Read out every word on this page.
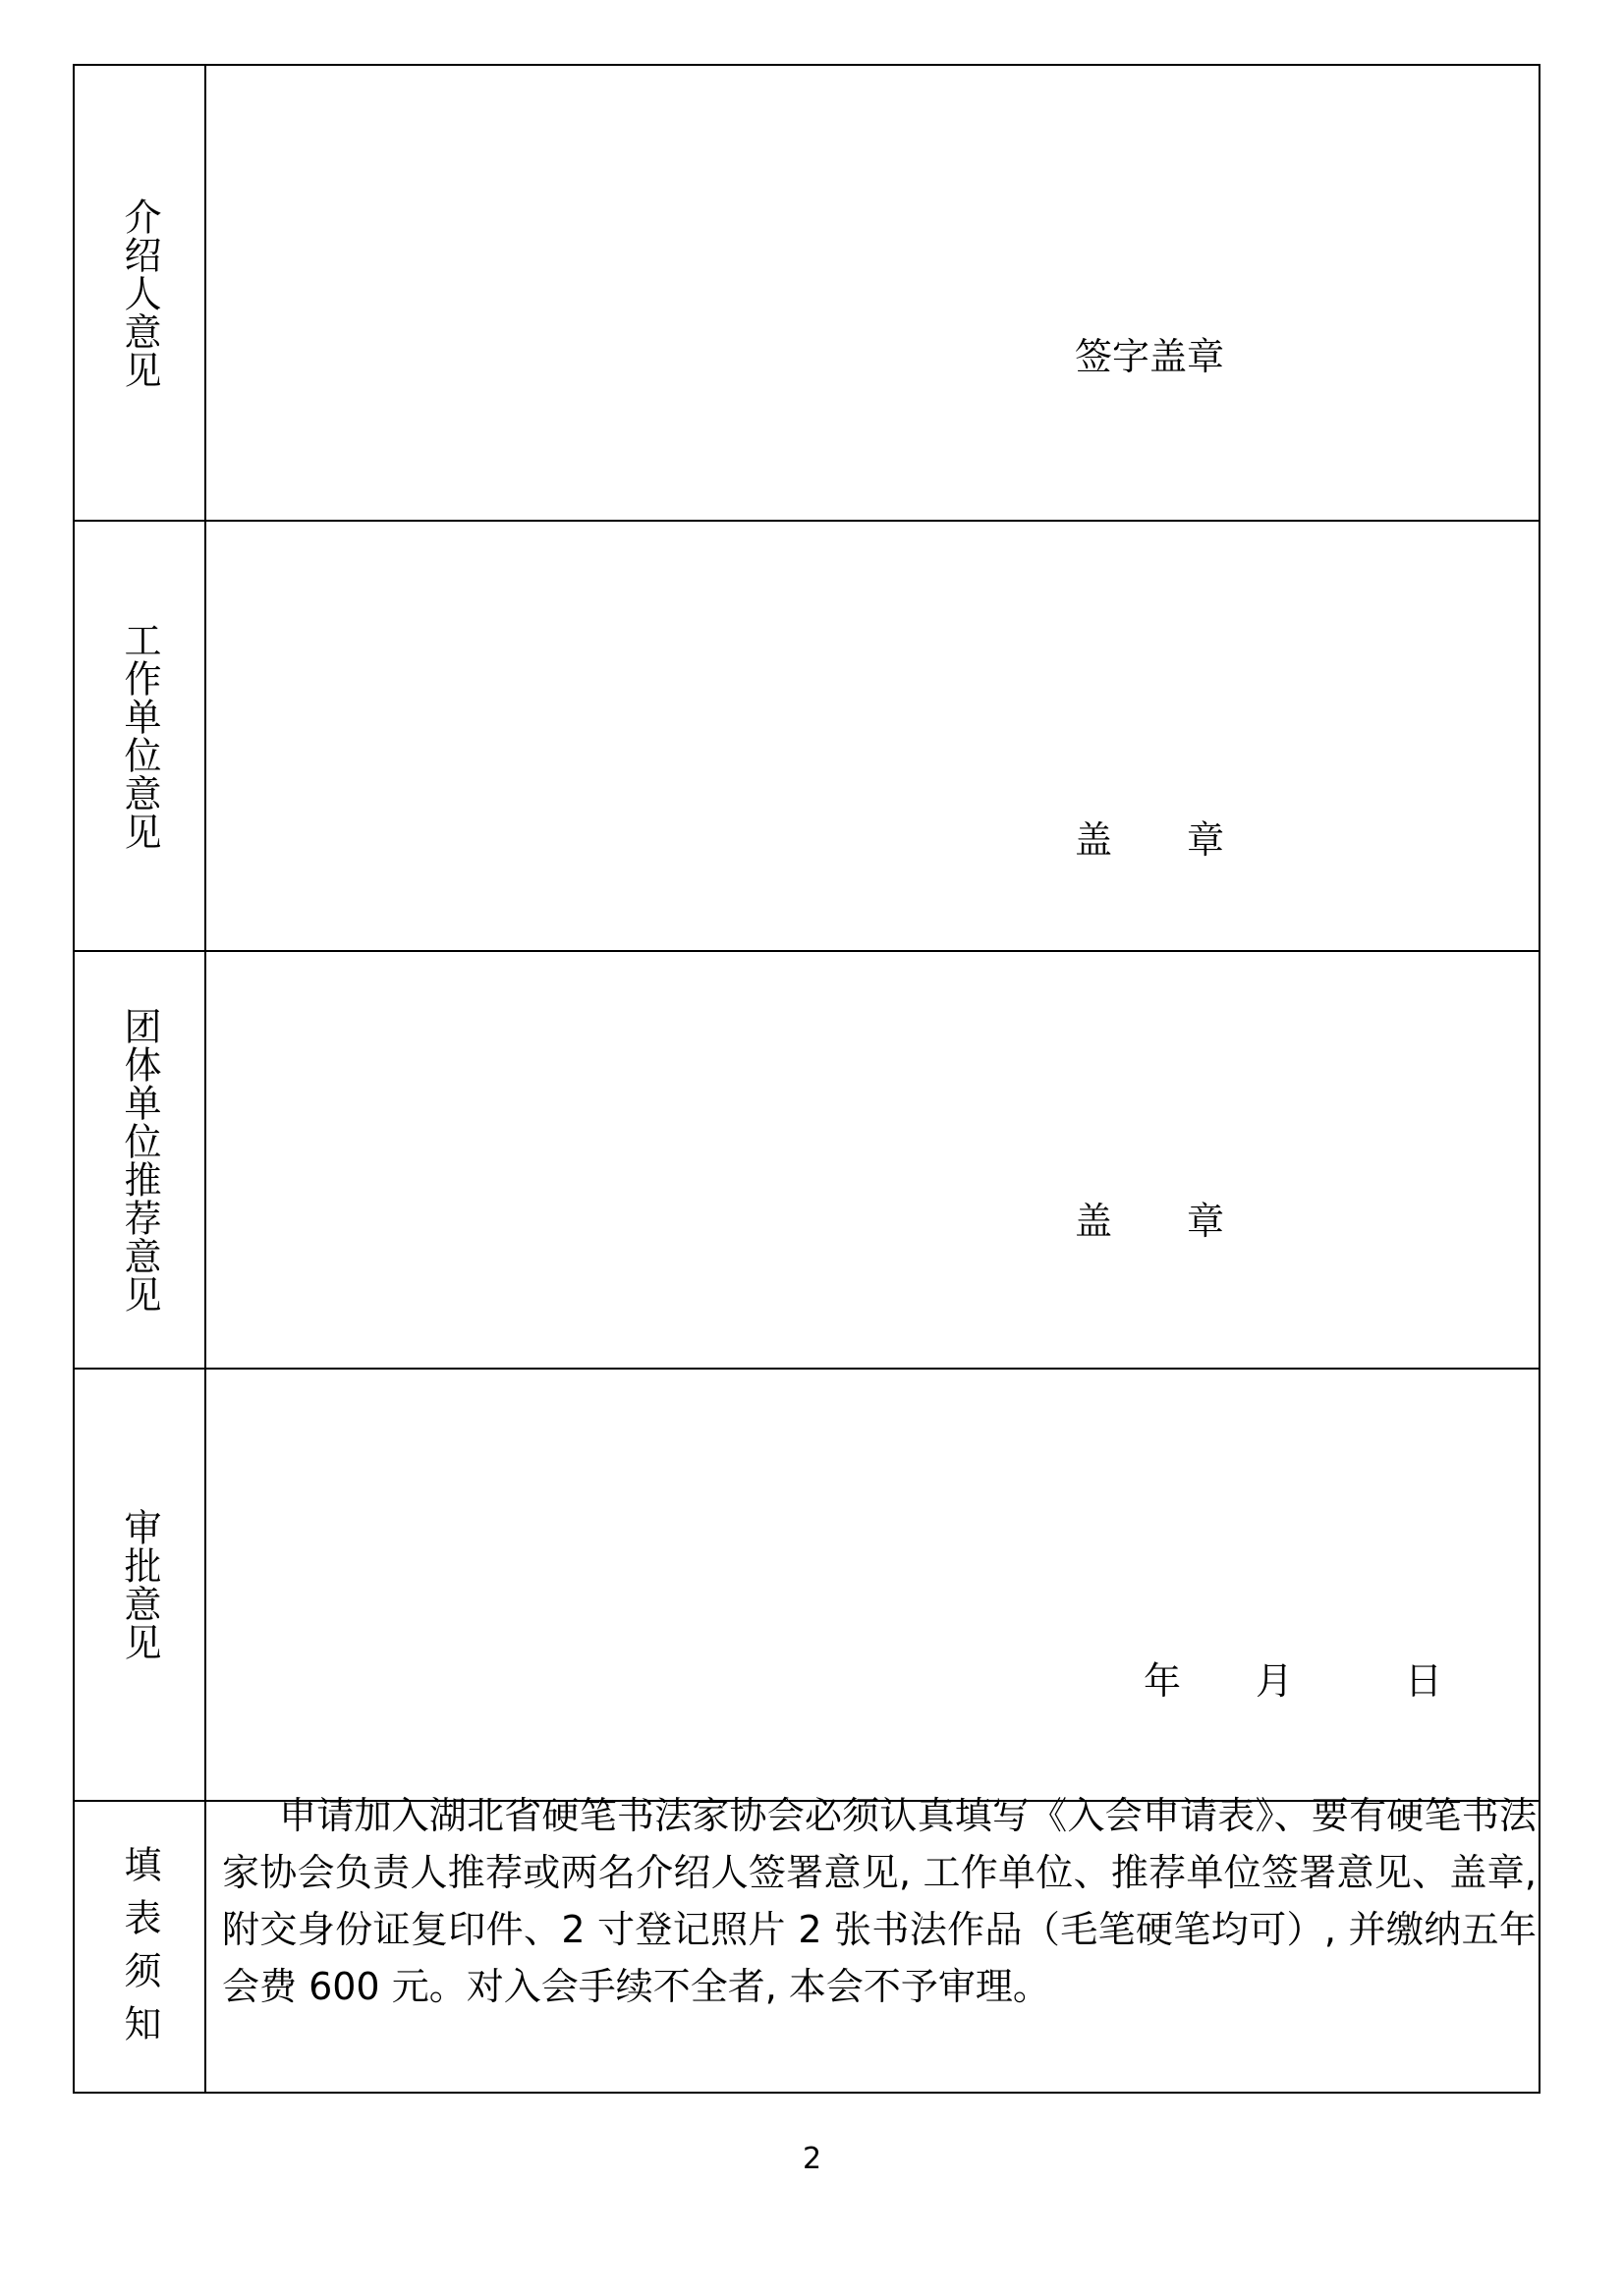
介绍人意见
工作单位意见
团体单位推荐意见
审批意见
填表须知
签字盖章
盖　　章
盖　　章
年　　月　　　日

申请加入湖北省硬笔书法家协会必须认真填写《入会申请表》、要有硬笔书法家协会负责人推荐或两名介绍人签署意见, 工作单位、推荐单位签署意见、盖章, 附交身份证复印件、2 寸登记照片 2 张书法作品（毛笔硬笔均可）, 并缴纳五年会费 600 元。对入会手续不全者, 本会不予审理。

2
